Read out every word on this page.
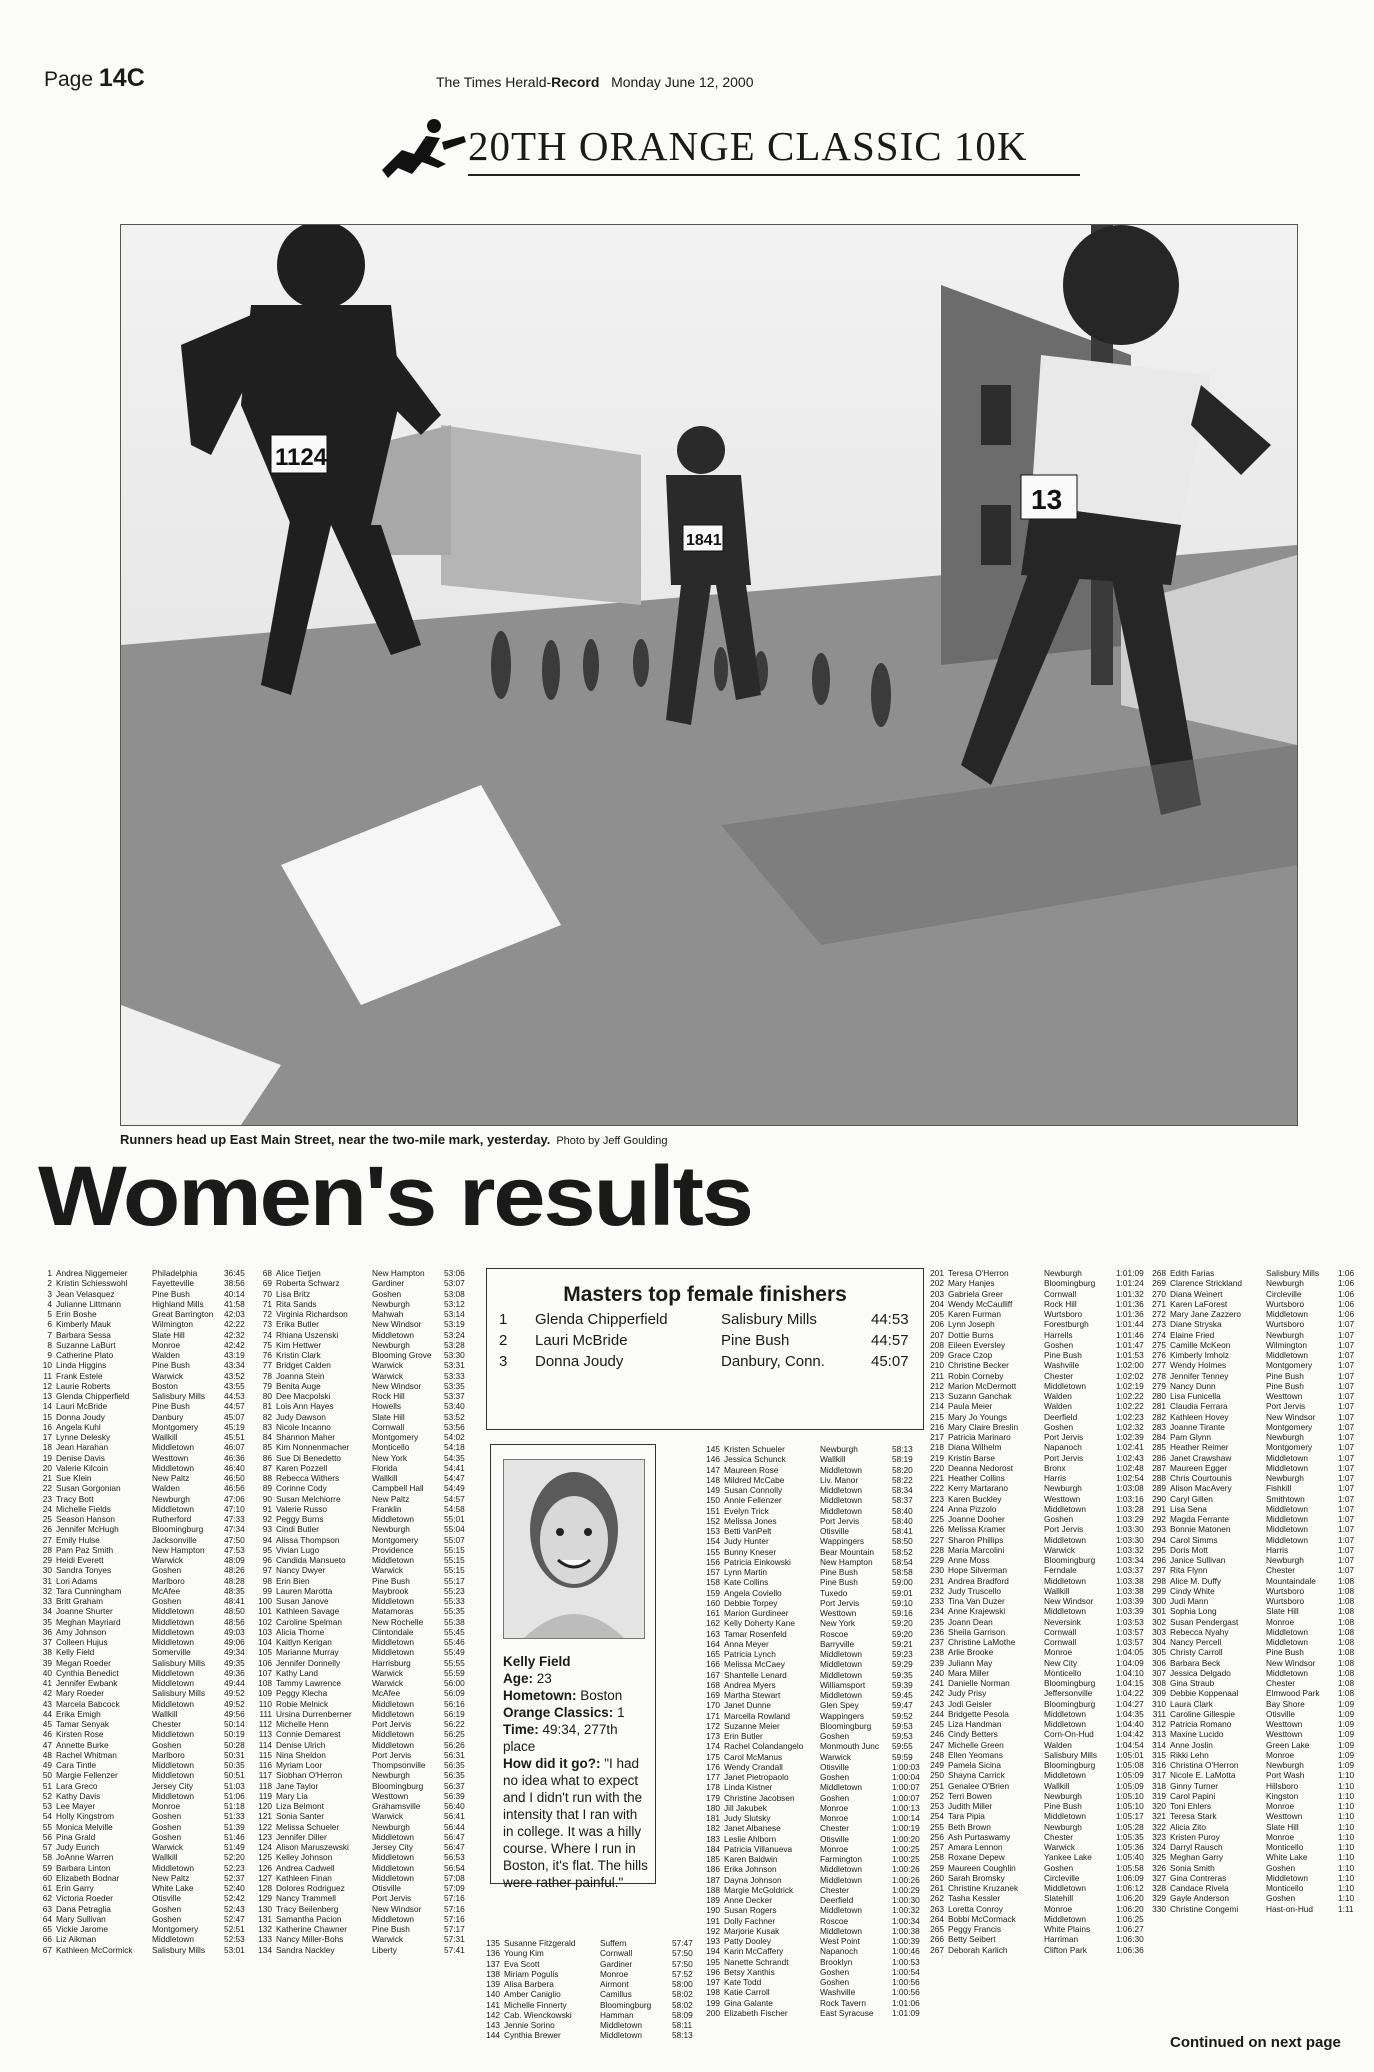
Page 14C	The Times Herald-Record Monday June 12, 2000
20TH ORANGE CLASSIC 10K
1124
1841
13
Runners head up East Main Street, near the two-mile mark, yesterday. Photo by Jeff Goulding
Women's results
1 Andrea Niggemeier	Philadelphia	36:45
2 Kristin Schiesswohl	Fayetteville	38:56
3 Jean Velasquez	Pine Bush	40:14
4 Julianne Littmann	Highland Mills	41:58
5 Erin Boshe	Great Barrington	42:03
6 Kimberly Mauk	Wilmington	42:22
7 Barbara Sessa	Slate Hill	42:32
8 Suzanne LaBurt	Monroe	42:42
9 Catherine Plato	Walden	43:19
10 Linda Higgins	Pine Bush	43:34
11 Frank Estele	Warwick	43:52
12 Laurie Roberts	Boston	43:55
13 Glenda Chipperfield	Salisbury Mills	44:53
14 Lauri McBride	Pine Bush	44:57
15 Donna Joudy	Danbury	45:07
16 Angela Kuhl	Montgomery	45:19
17 Lynne Delesky	Wallkill	45:51
18 Jean Harahan	Middletown	46:07
19 Denise Davis	Westtown	46:36
20 Valerie Kilcoin	Middletown	46:40
21 Sue Klein	New Paltz	46:50
22 Susan Gorgonian	Walden	46:56
23 Tracy Bott	Newburgh	47:06
24 Michelle Fields	Middletown	47:10
25 Season Hanson	Rutherford	47:33
26 Jennifer McHugh	Bloomingburg	47:34
27 Emily Hulse	Jacksonville	47:50
28 Pam Paz Smith	New Hampton	47:53
29 Heidi Everett	Warwick	48:09
30 Sandra Tonyes	Goshen	48:26
31 Lori Adams	Marlboro	48:28
32 Tara Cunningham	McAfee	48:35
33 Britt Graham	Goshen	48:41
34 Joanne Shurter	Middletown	48:50
35 Meghan Mayriard	Middletown	48:56
36 Amy Johnson	Middletown	49:03
37 Colleen Hujus	Middletown	49:06
38 Kelly Field	Somerville	49:34
39 Megan Roeder	Salisbury Mills	49:35
40 Cynthia Benedict	Middletown	49:36
41 Jennifer Ewbank	Middletown	49:44
42 Mary Roeder	Salisbury Mills	49:52
43 Marcela Babcock	Middletown	49:52
44 Erika Emigh	Wallkill	49:56
45 Tamar Senyak	Chester	50:14
46 Kirsten Rose	Middletown	50:19
47 Annette Burke	Goshen	50:28
48 Rachel Whitman	Marlboro	50:31
49 Cara Tintle	Middletown	50:35
50 Margie Fellenzer	Middletown	50:51
51 Lara Greco	Jersey City	51:03
52 Kathy Davis	Middletown	51:06
53 Lee Mayer	Monroe	51:18
54 Holly Kingstrom	Goshen	51:33
55 Monica Melville	Goshen	51:39
56 Pina Grald	Goshen	51:46
57 Judy Eunch	Warwick	51:49
58 JoAnne Warren	Wallkill	52:20
59 Barbara Linton	Middletown	52:23
60 Elizabeth Bodnar	New Paltz	52:37
61 Erin Garry	White Lake	52:40
62 Victoria Roeder	Otisville	52:42
63 Dana Petraglia	Goshen	52:43
64 Mary Sullivan	Goshen	52:47
65 Vickie Jarome	Montgomery	52:51
66 Liz Aikman	Middletown	52:53
67 Kathleen McCormick	Salisbury Mills	53:01
68 Alice Tietjen	New Hampton	53:06
69 Roberta Schwarz	Gardiner	53:07
70 Lisa Britz	Goshen	53:08
71 Rita Sands	Newburgh	53:12
72 Virginia Richardson	Mahwah	53:14
73 Erika Butler	New Windsor	53:19
74 Rhiana Uszenski	Middletown	53:24
75 Kim Hettwer	Newburgh	53:28
76 Kristin Clark	Blooming Grove	53:30
77 Bridget Calden	Warwick	53:31
78 Joanna Stein	Warwick	53:33
79 Benita Auge	New Windsor	53:35
80 Dee Macpolski	Rock Hill	53:37
81 Lois Ann Hayes	Howells	53:40
82 Judy Dawson	Slate Hill	53:52
83 Nicole Incanno	Cornwall	53:56
84 Shannon Maher	Montgomery	54:02
85 Kim Nonnenmacher	Monticello	54:18
86 Sue Di Benedetto	New York	54:35
87 Karen Pozzell	Florida	54:41
88 Rebecca Withers	Wallkill	54:47
89 Corinne Cody	Campbell Hall	54:49
90 Susan Melchiorre	New Paltz	54:57
91 Valerie Russo	Franklin	54:58
92 Peggy Burns	Middletown	55:01
93 Cindi Butler	Newburgh	55:04
94 Alissa Thompson	Montgomery	55:07
95 Vivian Lugo	Providence	55:15
96 Candida Mansueto	Middletown	55:15
97 Nancy Dwyer	Warwick	55:15
98 Erin Bien	Pine Bush	55:17
99 Lauren Marotta	Maybrook	55:23
100 Susan Janove	Middletown	55:33
101 Kathleen Savage	Matamoras	55:35
102 Caroline Spelman	New Rochelle	55:38
103 Alicia Thorne	Clintondale	55:45
104 Kaitlyn Kerigan	Middletown	55:46
105 Marianne Murray	Middletown	55:49
106 Jennifer Donnelly	Harrisburg	55:55
107 Kathy Land	Warwick	55:59
108 Tammy Lawrence	Warwick	56:00
109 Peggy Klecha	McAfee	56:09
110 Robie Melnick	Middletown	56:16
111 Ursina Durrenberner	Middletown	56:19
112 Michelle Henn	Port Jervis	56:22
113 Connie Demarest	Middletown	56:25
114 Denise Ulrich	Middletown	56:26
115 Nina Sheldon	Port Jervis	56:31
116 Myriam Loor	Thompsonville	56:35
117 Siobhan O'Herron	Newburgh	56:35
118 Jane Taylor	Bloomingburg	56:37
119 Mary Lia	Westtown	56:39
120 Liza Belmont	Grahamsville	56:40
121 Sonia Santer	Warwick	56:41
122 Melissa Schueler	Newburgh	56:44
123 Jennifer Diller	Middletown	56:47
124 Alison Maruszewski	Jersey City	56:47
125 Kelley Johnson	Middletown	56:53
126 Andrea Cadwell	Middletown	56:54
127 Kathleen Finan	Middletown	57:08
128 Dolores Rodriguez	Otisville	57:09
129 Nancy Trammell	Port Jervis	57:16
130 Tracy Beilenberg	New Windsor	57:16
131 Samantha Pacion	Middletown	57:16
132 Katherine Chawner	Pine Bush	57:17
133 Nancy Miller-Bohs	Warwick	57:31
134 Sandra Nackley	Liberty	57:41
Masters top female finishers
1	Glenda Chipperfield	Salisbury Mills	44:53
2	Lauri McBride	Pine Bush	44:57
3	Donna Joudy	Danbury, Conn.	45:07
Kelly Field
Age: 23
Hometown: Boston
Orange Classics: 1
Time: 49:34, 277th place
How did it go?: "I had no idea what to expect and I didn't run with the intensity that I ran with in college. It was a hilly course. Where I run in Boston, it's flat. The hills were rather painful."
135 Susanne Fitzgerald	Suffern	57:47
136 Young Kim	Cornwall	57:50
137 Eva Scott	Gardiner	57:50
138 Miriam Pogulis	Monroe	57:52
139 Alisa Barbera	Airmont	58:00
140 Amber Caniglio	Camillus	58:02
141 Michelle Finnerty	Bloomingburg	58:02
142 Cab. Wienckowski	Hamman	58:09
143 Jennie Sorino	Middletown	58:11
144 Cynthia Brewer	Middletown	58:13
145 Kristen Schueler	Newburgh	58:13
146 Jessica Schunck	Wallkill	58:19
147 Maureen Rose	Middletown	58:20
148 Mildred McCabe	Liv. Manor	58:22
149 Susan Connolly	Middletown	58:34
150 Annie Fellenzer	Middletown	58:37
151 Evelyn Trick	Middletown	58:40
152 Melissa Jones	Port Jervis	58:40
153 Betti VanPelt	Otisville	58:41
154 Judy Hunter	Wappingers	58:50
155 Bunny Kneser	Bear Mountain	58:52
156 Patricia Einkowski	New Hampton	58:54
157 Lynn Martin	Pine Bush	58:58
158 Kate Collins	Pine Bush	59:00
159 Angela Coviello	Tuxedo	59:01
160 Debbie Torpey	Port Jervis	59:10
161 Marion Gurdineer	Westtown	59:16
162 Kelly Doherty Kane	New York	59:20
163 Tamar Rosenfeld	Roscoe	59:20
164 Anna Meyer	Barryville	59:21
165 Patricia Lynch	Middletown	59:23
166 Melissa McCaey	Middletown	59:29
167 Shantelle Lenard	Middletown	59:35
168 Andrea Myers	Williamsport	59:39
169 Martha Stewart	Middletown	59:45
170 Janet Dunne	Glen Spey	59:47
171 Marcella Rowland	Wappingers	59:52
172 Suzanne Meier	Bloomingburg	59:53
173 Erin Butler	Goshen	59:53
174 Rachel Colandangelo	Monmouth Junc	59:55
175 Carol McManus	Warwick	59:59
176 Wendy Crandall	Otisville	1:00:03
177 Janet Pietropaolo	Goshen	1:00:04
178 Linda Kistner	Middletown	1:00:07
179 Christine Jacobsen	Goshen	1:00:07
180 Jill Jakubek	Monroe	1:00:13
181 Judy Slutsky	Monroe	1:00:14
182 Janet Albanese	Chester	1:00:19
183 Leslie Ahlborn	Otisville	1:00:20
184 Patricia Villanueva	Monroe	1:00:25
185 Karen Baldwin	Farmington	1:00:25
186 Erika Johnson	Middletown	1:00:26
187 Dayna Johnson	Middletown	1:00:26
188 Margie McGoldrick	Chester	1:00:29
189 Anne Decker	Deerfield	1:00:30
190 Susan Rogers	Middletown	1:00:32
191 Dolly Fachner	Roscoe	1:00:34
192 Marjorie Kusak	Middletown	1:00:38
193 Patty Dooley	West Point	1:00:39
194 Karin McCaffery	Napanoch	1:00:46
195 Nanette Schrandt	Brooklyn	1:00:53
196 Betsy Xanthis	Goshen	1:00:54
197 Kate Todd	Goshen	1:00:56
198 Katie Carroll	Washville	1:00:56
199 Gina Galante	Rock Tavern	1:01:06
200 Elizabeth Fischer	East Syracuse	1:01:09
201 Teresa O'Herron	Newburgh	1:01:09
202 Mary Hanjes	Bloomingburg	1:01:24
203 Gabriela Greer	Cornwall	1:01:32
204 Wendy McCaulliff	Rock Hill	1:01:36
205 Karen Furman	Wurtsboro	1:01:36
206 Lynn Joseph	Forestburgh	1:01:44
207 Dottie Burns	Harrells	1:01:46
208 Eileen Eversley	Goshen	1:01:47
209 Grace Czop	Pine Bush	1:01:53
210 Christine Becker	Washville	1:02:00
211 Robin Corneby	Chester	1:02:02
212 Marion McDermott	Middletown	1:02:19
213 Suzann Ganchak	Walden	1:02:22
214 Paula Meier	Walden	1:02:22
215 Mary Jo Youngs	Deerfield	1:02:23
216 Mary Claire Breslin	Goshen	1:02:32
217 Patricia Marinaro	Port Jervis	1:02:39
218 Diana Wilhelm	Napanoch	1:02:41
219 Kristin Barse	Port Jervis	1:02:43
220 Deanna Nedorost	Bronx	1:02:48
221 Heather Collins	Harris	1:02:54
222 Kerry Martarano	Newburgh	1:03:08
223 Karen Buckley	Westtown	1:03:16
224 Anna Pizzolo	Middletown	1:03:28
225 Joanne Dooher	Goshen	1:03:29
226 Melissa Kramer	Port Jervis	1:03:30
227 Sharon Phillips	Middletown	1:03:30
228 Maria Marcolini	Warwick	1:03:32
229 Anne Moss	Bloomingburg	1:03:34
230 Hope Silverman	Ferndale	1:03:37
231 Andrea Bradford	Middletown	1:03:38
232 Judy Truscello	Wallkill	1:03:38
233 Tina Van Duzer	New Windsor	1:03:39
234 Anne Krajewski	Middletown	1:03:39
235 Joann Dean	Neversink	1:03:53
236 Sheila Garrison	Cornwall	1:03:57
237 Christine LaMothe	Cornwall	1:03:57
238 Arlie Brooke	Monroe	1:04:05
239 Juliann May	New City	1:04:09
240 Mara Miller	Monticello	1:04:10
241 Danielle Norman	Bloomingburg	1:04:15
242 Judy Prisy	Jeffersonville	1:04:22
243 Jodi Geisler	Bloomingburg	1:04:27
244 Bridgette Pesola	Middletown	1:04:35
245 Liza Handman	Middletown	1:04:40
246 Cindy Betters	Corn-On-Hud	1:04:42
247 Michelle Green	Walden	1:04:54
248 Ellen Yeomans	Salisbury Mills	1:05:01
249 Pamela Sicina	Bloomingburg	1:05:08
250 Shayna Carrick	Middletown	1:05:09
251 Genalee O'Brien	Wallkill	1:05:09
252 Terri Bowen	Newburgh	1:05:10
253 Judith Miller	Pine Bush	1:05:10
254 Tara Pipia	Middletown	1:05:17
255 Beth Brown	Newburgh	1:05:28
256 Ash Purtaswamy	Chester	1:05:35
257 Amara Lennon	Warwick	1:05:36
258 Roxane Depew	Yankee Lake	1:05:40
259 Maureen Coughlin	Goshen	1:05:58
260 Sarah Bromsky	Circleville	1:06:09
261 Christine Kruzanek	Middletown	1:06:12
262 Tasha Kessler	Slatehill	1:06:20
263 Loretta Conroy	Monroe	1:06:20
264 Bobbi McCormack	Middletown	1:06:25
265 Peggy Francis	White Plains	1:06:27
266 Betty Seibert	Harriman	1:06:30
267 Deborah Karlich	Clifton Park	1:06:36
268 Edith Farias	Salisbury Mills	1:06
269 Clarence Strickland	Newburgh	1:06
270 Diana Weinert	Circleville	1:06
271 Karen LaForest	Wurtsboro	1:06
272 Mary Jane Zazzero	Middletown	1:06
273 Diane Stryska	Wurtsboro	1:07
274 Elaine Fried	Newburgh	1:07
275 Camille McKeon	Wilmington	1:07
276 Kimberly Imholz	Middletown	1:07
277 Wendy Holmes	Montgomery	1:07
278 Jennifer Tenney	Pine Bush	1:07
279 Nancy Dunn	Pine Bush	1:07
280 Lisa Funicella	Westtown	1:07
281 Claudia Ferrara	Port Jervis	1:07
282 Kathleen Hovey	New Windsor	1:07
283 Joanne Tirante	Montgomery	1:07
284 Pam Glynn	Newburgh	1:07
285 Heather Reimer	Montgomery	1:07
286 Janet Crawshaw	Middletown	1:07
287 Maureen Egger	Middletown	1:07
288 Chris Courtounis	Newburgh	1:07
289 Alison MacAvery	Fishkill	1:07
290 Caryl Gillen	Smithtown	1:07
291 Lisa Sena	Middletown	1:07
292 Magda Ferrante	Middletown	1:07
293 Bonnie Matonen	Middletown	1:07
294 Carol Simms	Middletown	1:07
295 Doris Mott	Harris	1:07
296 Janice Sullivan	Newburgh	1:07
297 Rita Flynn	Chester	1:07
298 Alice M. Duffy	Mountaindale	1:08
299 Cindy White	Wurtsboro	1:08
300 Judi Mann	Wurtsboro	1:08
301 Sophia Long	Slate Hill	1:08
302 Susan Pendergast	Monroe	1:08
303 Rebecca Nyahy	Middletown	1:08
304 Nancy Percell	Middletown	1:08
305 Christy Carroll	Pine Bush	1:08
306 Barbara Beck	New Windsor	1:08
307 Jessica Delgado	Middletown	1:08
308 Gina Straub	Chester	1:08
309 Debbie Koppenaal	Elmwood Park	1:08
310 Laura Clark	Bay Shore	1:09
311 Caroline Gillespie	Otisville	1:09
312 Patricia Romano	Westtown	1:09
313 Maxine Lucido	Westtown	1:09
314 Anne Joslin	Green Lake	1:09
315 Rikki Lehn	Monroe	1:09
316 Christina O'Herron	Newburgh	1:09
317 Nicole E. LaMotta	Port Wash	1:10
318 Ginny Turner	Hillsboro	1:10
319 Carol Papini	Kingston	1:10
320 Toni Ehlers	Monroe	1:10
321 Teresa Stark	Westtown	1:10
322 Alicia Zito	Slate Hill	1:10
323 Kristen Puroy	Monroe	1:10
324 Darryl Rausch	Monticello	1:10
325 Meghan Garry	White Lake	1:10
326 Sonia Smith	Goshen	1:10
327 Gina Contreras	Middletown	1:10
328 Candace Rivela	Monticello	1:10
329 Gayle Anderson	Goshen	1:10
330 Christine Congemi	Hast-on-Hud	1:11
Continued on next page
